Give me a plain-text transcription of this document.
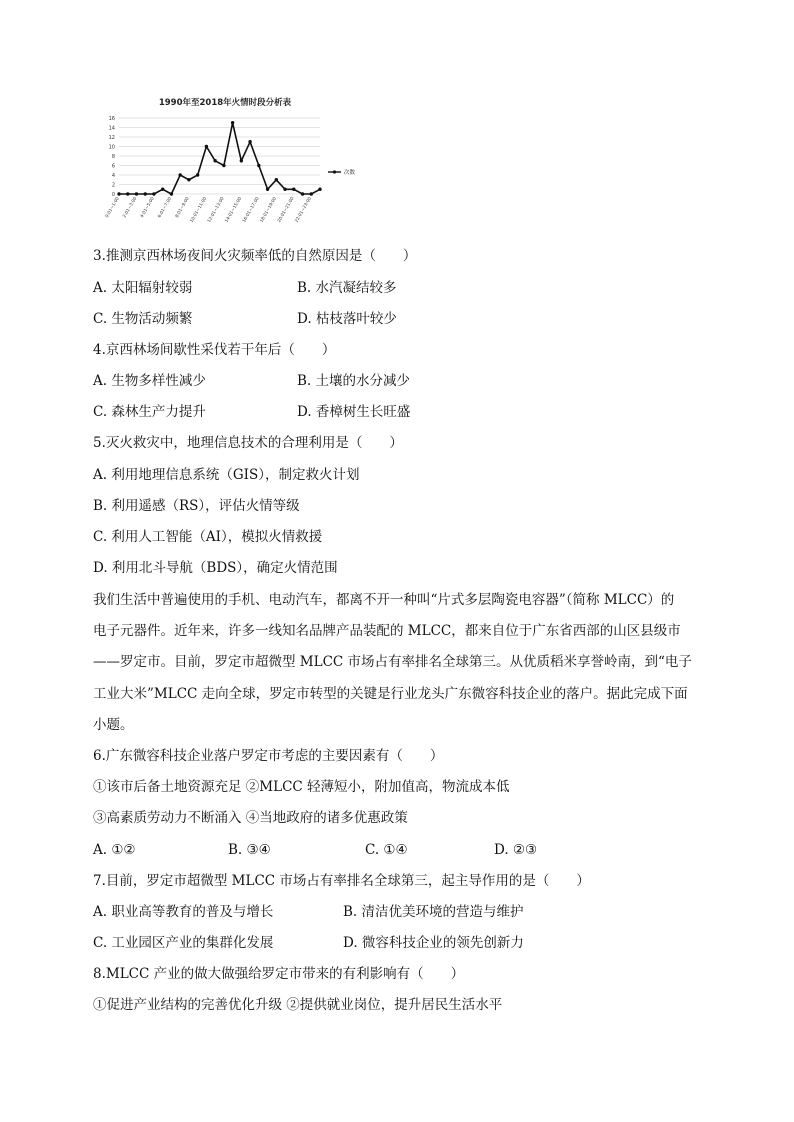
1990年至2018年火情时段分析表
0
2
4
6
8
10
12
14
16
0:01~1:00 2:01~3:00 4:01~5:00 6:01~7:00 8:01~9:00
10:01~11:00
12:01~13:00
14:01~15:00
16:01~17:00
18:01~19:00
20:01~21:00
22:01~23:00
次数
3.推测京西林场夜间火灾频率低的自然原因是（　　）
A. 太阳辐射较弱	B. 水汽凝结较多
C. 生物活动频繁	D. 枯枝落叶较少
4.京西林场间歇性采伐若干年后（　　）
A. 生物多样性减少	B. 土壤的水分减少
C. 森林生产力提升	D. 香樟树生长旺盛
5.灭火救灾中，地理信息技术的合理利用是（　　）
A. 利用地理信息系统（GIS），制定救火计划
B. 利用遥感（RS），评估火情等级
C. 利用人工智能（AI），模拟火情救援
D. 利用北斗导航（BDS），确定火情范围
我们生活中普遍使用的手机、电动汽车，都离不开一种叫“片式多层陶瓷电容器”（简称 MLCC）的
电子元器件。近年来，许多一线知名品牌产品装配的 MLCC，都来自位于广东省西部的山区县级市
——罗定市。目前，罗定市超微型 MLCC 市场占有率排名全球第三。从优质稻米享誉岭南，到“电子
工业大米”MLCC 走向全球，罗定市转型的关键是行业龙头广东微容科技企业的落户。据此完成下面
小题。
6.广东微容科技企业落户罗定市考虑的主要因素有（　　）
①该市后备土地资源充足 ②MLCC 轻薄短小，附加值高，物流成本低
③高素质劳动力不断涌入 ④当地政府的诸多优惠政策
A. ①②	B. ③④	C. ①④	D. ②③
7.目前，罗定市超微型 MLCC 市场占有率排名全球第三，起主导作用的是（　　）
A. 职业高等教育的普及与增长	B. 清洁优美环境的营造与维护
C. 工业园区产业的集群化发展	D. 微容科技企业的领先创新力
8.MLCC 产业的做大做强给罗定市带来的有利影响有（　　）
①促进产业结构的完善优化升级 ②提供就业岗位，提升居民生活水平
